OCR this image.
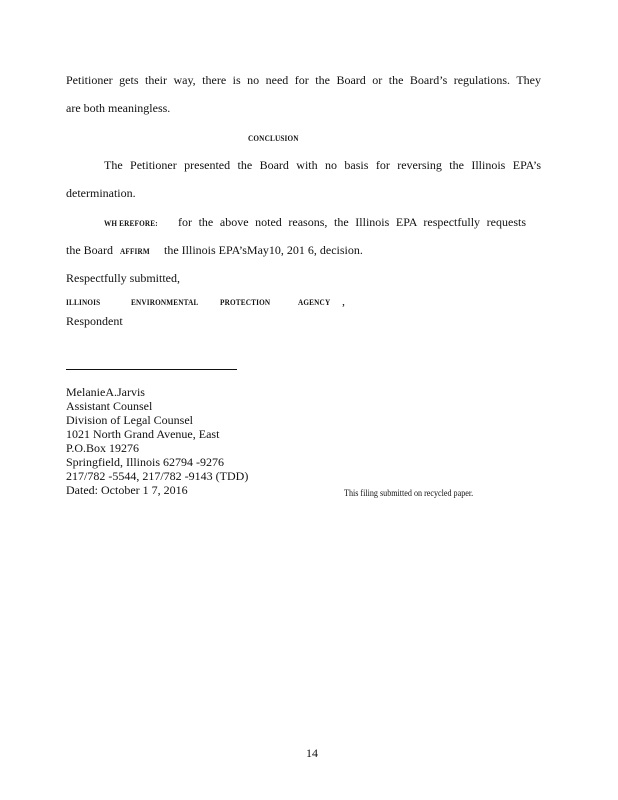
Petitioner gets their way, there is no need for the Board or the Board’s regulations. They
are both meaningless.
CONCLUSION
The Petitioner presented the Board with no basis for reversing the Illinois EPA’s
determination.
WH EREFORE:	for the above noted reasons, the Illinois EPA respectfully requests
the Board AFFIRM	the Illinois EPA’sMay10, 201 6, decision.
Respectfully submitted,
ILLINOIS	ENVIRONMENTAL	PROTECTION	AGENCY ,
Respondent
MelanieA.Jarvis
Assistant Counsel
Division of Legal Counsel
1021 North Grand Avenue, East
P.O.Box 19276
Springfield, Illinois 62794 -9276
217/782 -5544, 217/782 -9143 (TDD)
Dated: October 1 7, 2016	This filing submitted on recycled paper.
14
